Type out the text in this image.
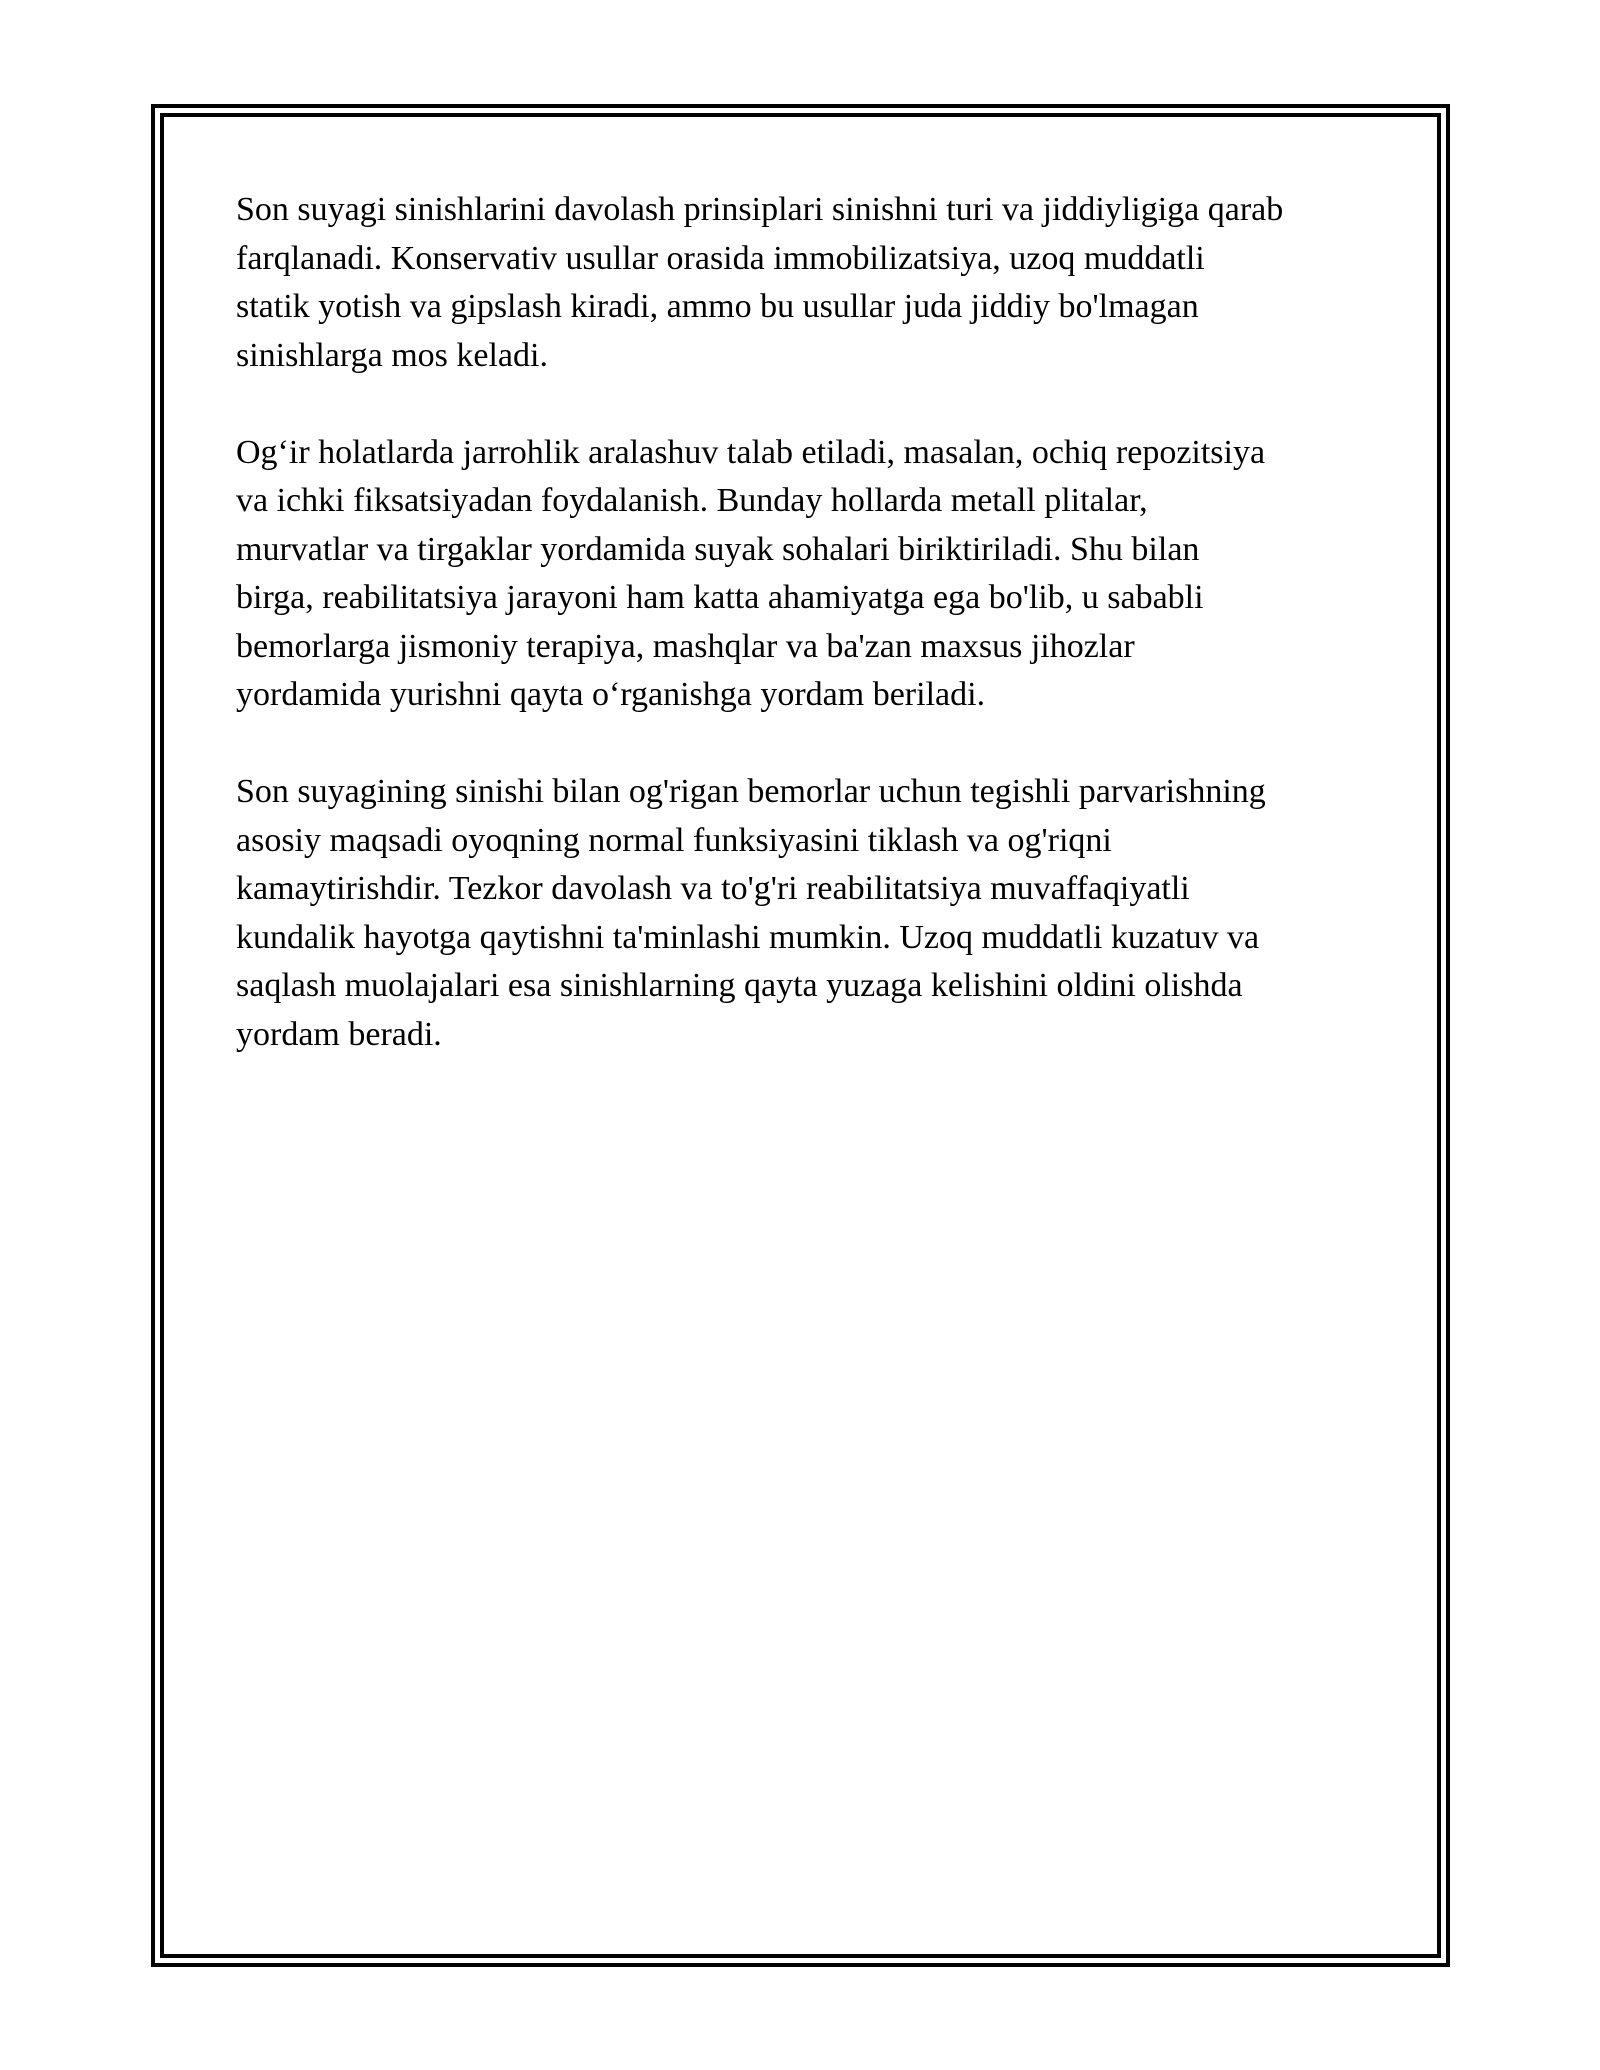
Son suyagi sinishlarini davolash prinsiplari sinishni turi va jiddiyligiga qarab
farqlanadi. Konservativ usullar orasida immobilizatsiya, uzoq muddatli
statik yotish va gipslash kiradi, ammo bu usullar juda jiddiy bo'lmagan
sinishlarga mos keladi.

Og‘ir holatlarda jarrohlik aralashuv talab etiladi, masalan, ochiq repozitsiya
va ichki fiksatsiyadan foydalanish. Bunday hollarda metall plitalar,
murvatlar va tirgaklar yordamida suyak sohalari biriktiriladi. Shu bilan
birga, reabilitatsiya jarayoni ham katta ahamiyatga ega bo'lib, u sababli
bemorlarga jismoniy terapiya, mashqlar va ba'zan maxsus jihozlar
yordamida yurishni qayta o‘rganishga yordam beriladi.

Son suyagining sinishi bilan og'rigan bemorlar uchun tegishli parvarishning
asosiy maqsadi oyoqning normal funksiyasini tiklash va og'riqni
kamaytirishdir. Tezkor davolash va to'g'ri reabilitatsiya muvaffaqiyatli
kundalik hayotga qaytishni ta'minlashi mumkin. Uzoq muddatli kuzatuv va
saqlash muolajalari esa sinishlarning qayta yuzaga kelishini oldini olishda
yordam beradi.
